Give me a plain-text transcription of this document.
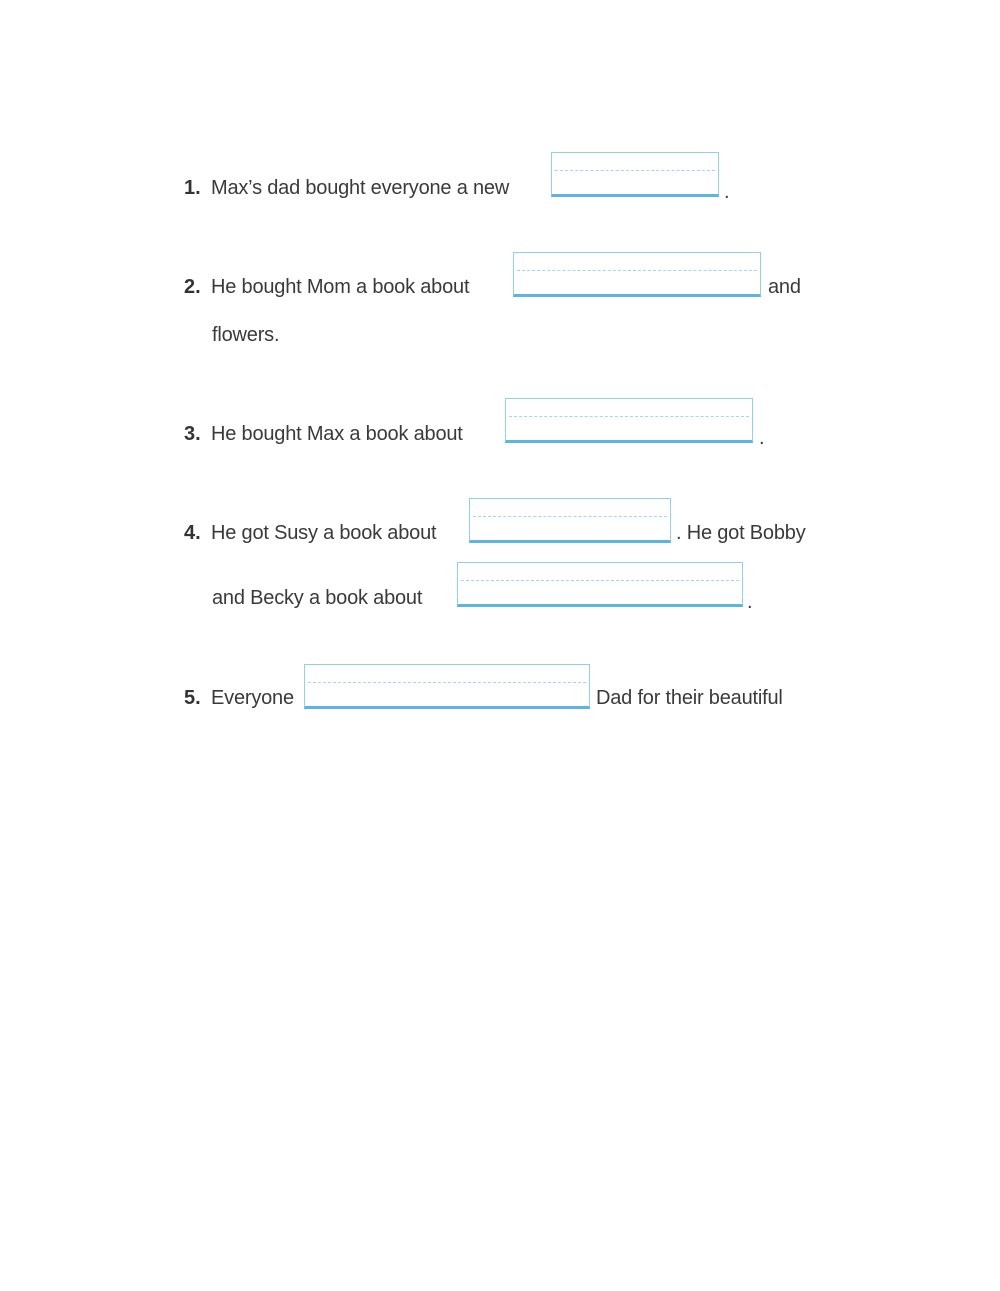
1. Max’s dad bought everyone a new	.
2. He bought Mom a book about	and
flowers.
3. He bought Max a book about	.
4. He got Susy a book about	. He got Bobby
and Becky a book about	.
5. Everyone	Dad for their beautiful
